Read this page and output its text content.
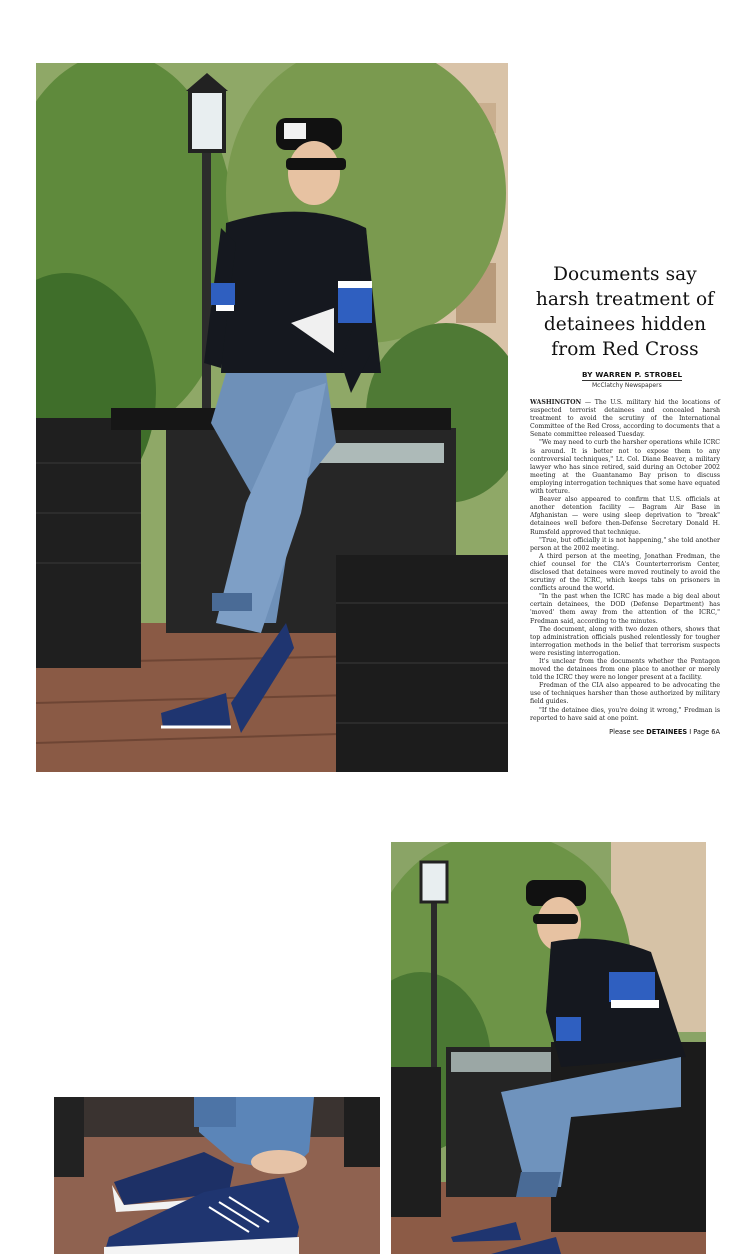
Documents say harsh treatment of detainees hidden from Red Cross
BY WARREN P. STROBEL
McClatchy Newspapers

WASHINGTON — The U.S. military hid the locations of suspected terrorist detainees and concealed harsh treatment to avoid the scrutiny of the International Committee of the Red Cross, according to documents that a Senate committee released Tuesday.

"We may need to curb the harsher operations while ICRC is around. It is better not to expose them to any controversial techniques," Lt. Col. Diane Beaver, a military lawyer who has since retired, said during an October 2002 meeting at the Guantanamo Bay prison to discuss employing interrogation techniques that some have equated with torture.

Beaver also appeared to confirm that U.S. officials at another detention facility — Bagram Air Base in Afghanistan — were using sleep deprivation to "break" detainees well before then-Defense Secretary Donald H. Rumsfeld approved that technique.

"True, but officially it is not happening," she told another person at the 2002 meeting.

A third person at the meeting, Jonathan Fredman, the chief counsel for the CIA's Counterterrorism Center, disclosed that detainees were moved routinely to avoid the scrutiny of the ICRC, which keeps tabs on prisoners in conflicts around the world.

"In the past when the ICRC has made a big deal about certain detainees, the DOD (Defense Department) has 'moved' them away from the attention of the ICRC," Fredman said, according to the minutes.

The document, along with two dozen others, shows that top administration officials pushed relentlessly for tougher interrogation methods in the belief that terrorism suspects were resisting interrogation.

It's unclear from the documents whether the Pentagon moved the detainees from one place to another or merely told the ICRC they were no longer present at a facility.

Fredman of the CIA also appeared to be advocating the use of techniques harsher than those authorized by military field guides.

"If the detainee dies, you're doing it wrong," Fredman is reported to have said at one point.

Please see DETAINEES I Page 6A
